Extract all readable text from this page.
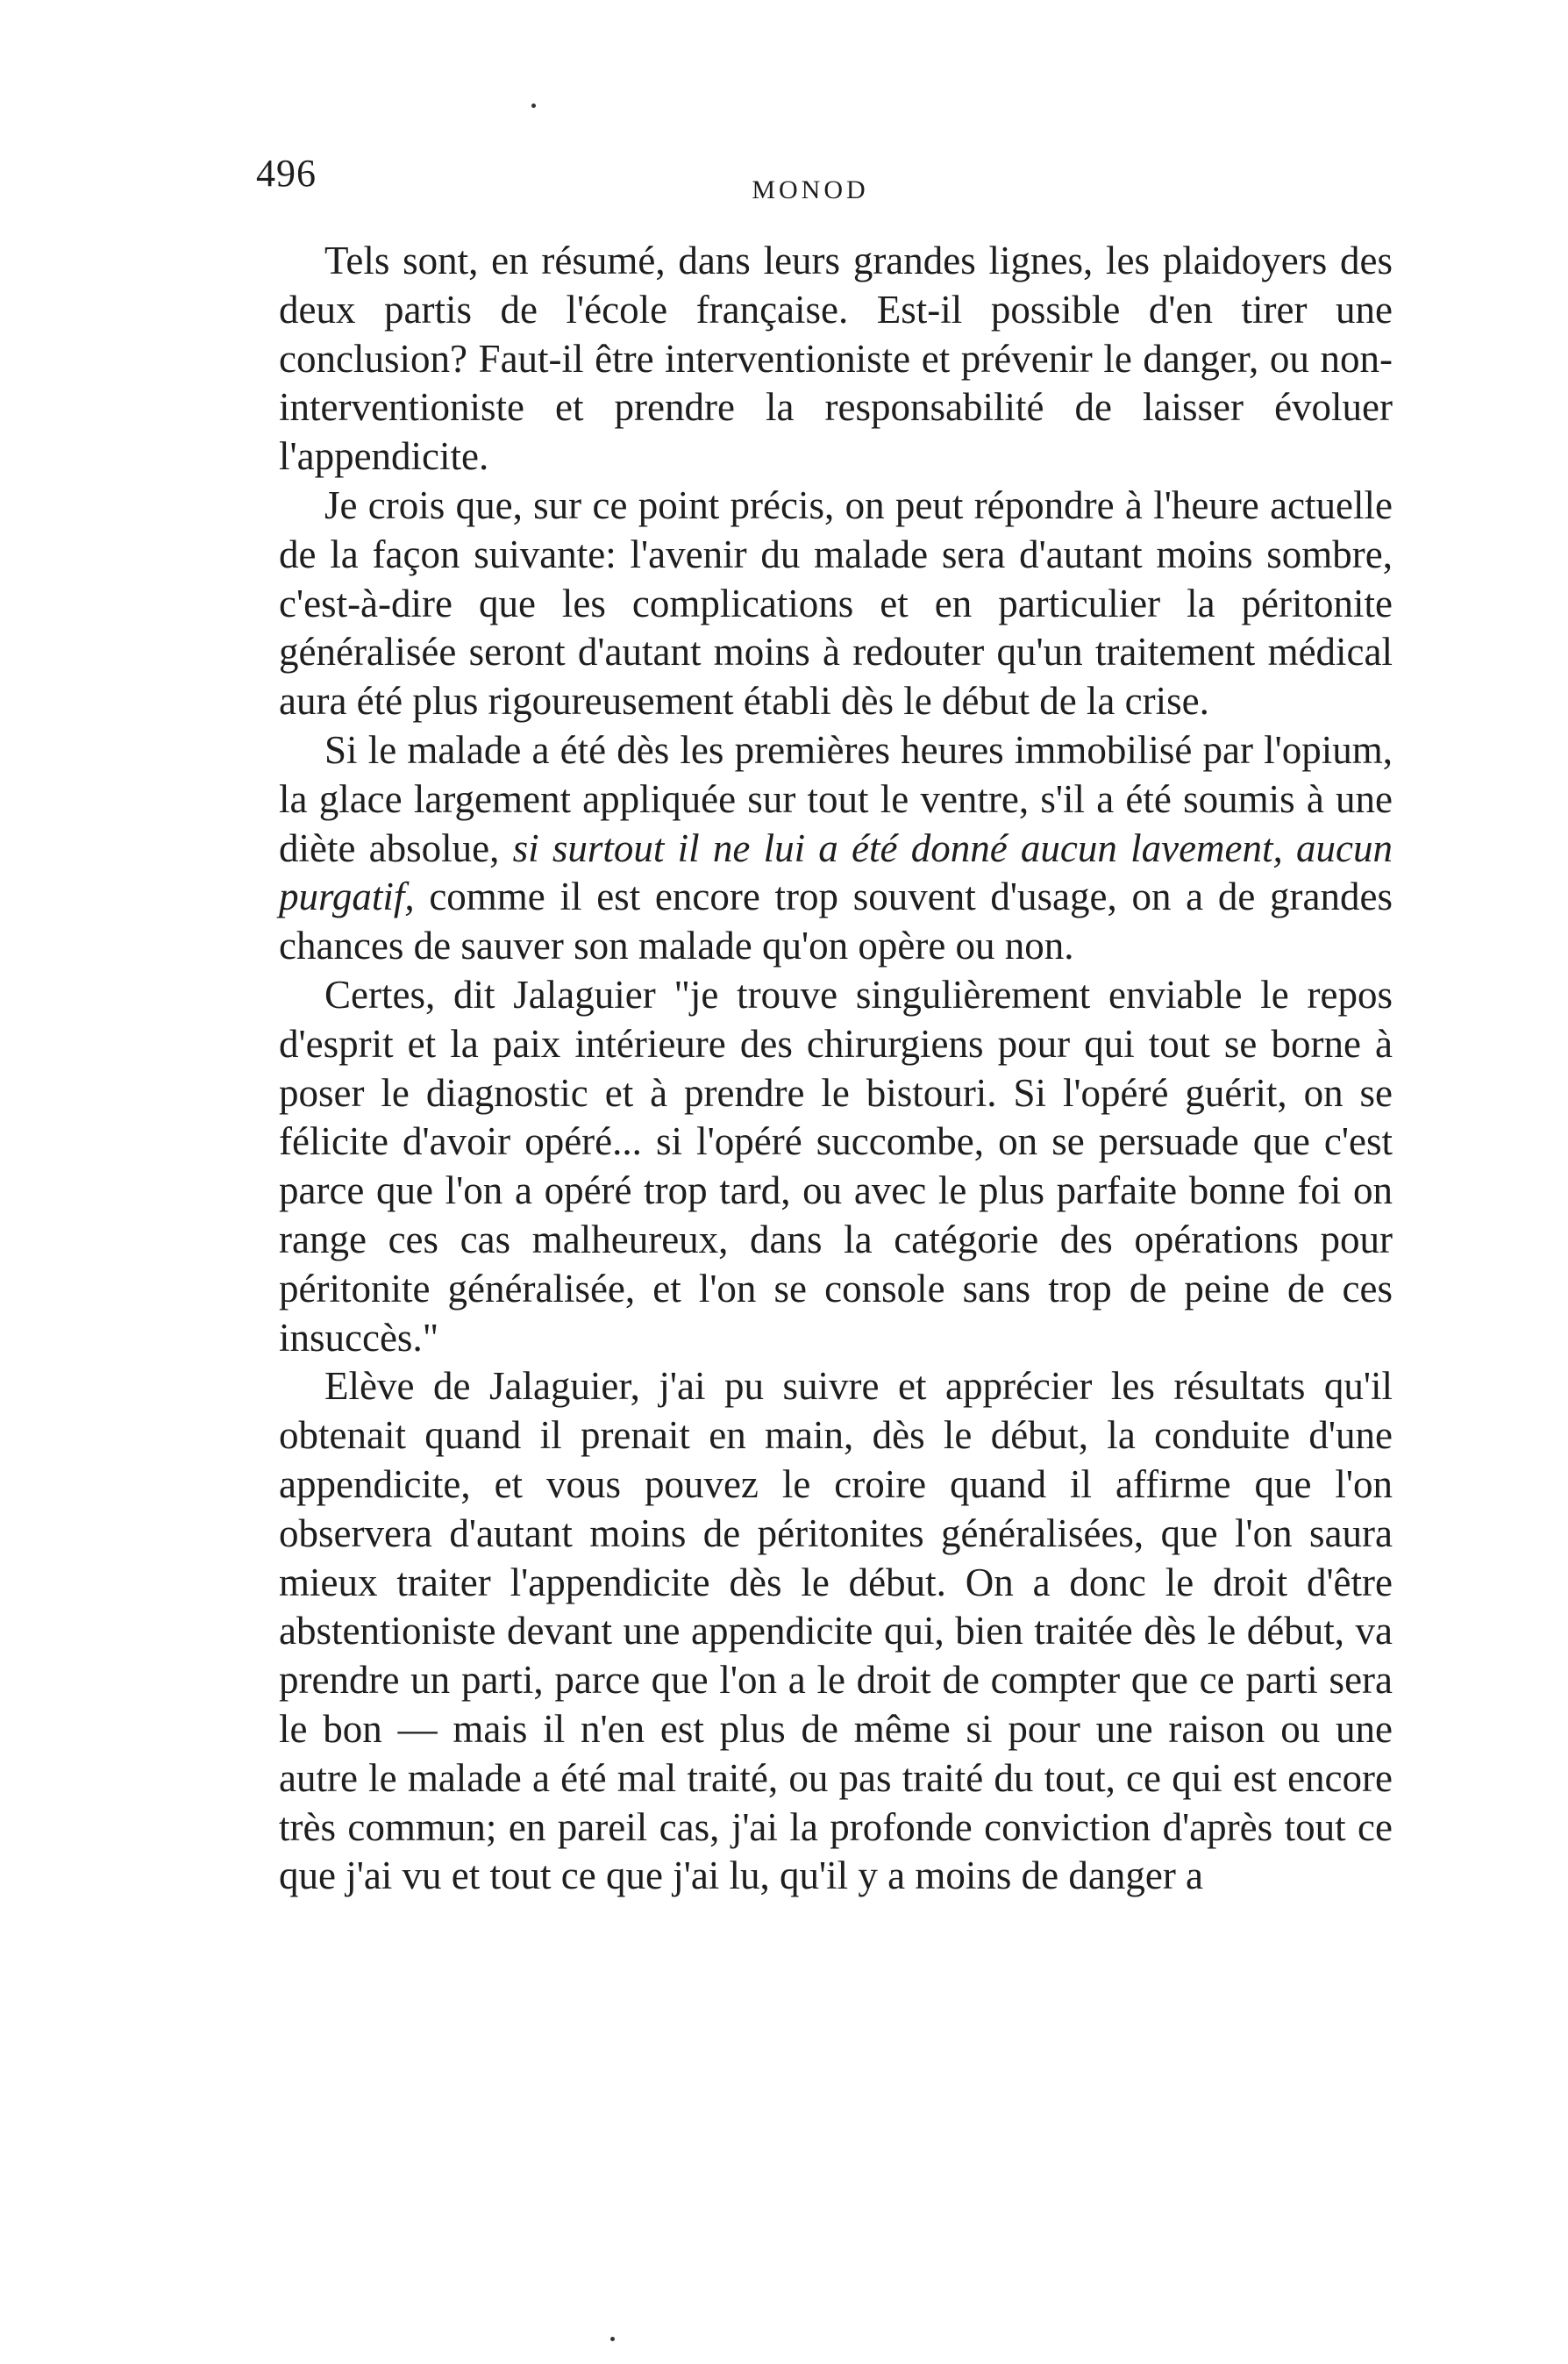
496	MONOD

Tels sont, en résumé, dans leurs grandes lignes, les plaidoyers des deux partis de l'école française. Est-il possible d'en tirer une conclusion? Faut-il être interventioniste et prévenir le danger, ou non-interventioniste et prendre la responsabilité de laisser évoluer l'appendicite.

Je crois que, sur ce point précis, on peut répondre à l'heure actuelle de la façon suivante: l'avenir du malade sera d'autant moins sombre, c'est-à-dire que les complications et en particulier la péritonite généralisée seront d'autant moins à redouter qu'un traitement médical aura été plus rigoureusement établi dès le début de la crise.

Si le malade a été dès les premières heures immobilisé par l'opium, la glace largement appliquée sur tout le ventre, s'il a été soumis à une diète absolue, si surtout il ne lui a été donné aucun lavement, aucun purgatif, comme il est encore trop souvent d'usage, on a de grandes chances de sauver son malade qu'on opère ou non.

Certes, dit Jalaguier "je trouve singulièrement enviable le repos d'esprit et la paix intérieure des chirurgiens pour qui tout se borne à poser le diagnostic et à prendre le bistouri. Si l'opéré guérit, on se félicite d'avoir opéré... si l'opéré succombe, on se persuade que c'est parce que l'on a opéré trop tard, ou avec le plus parfaite bonne foi on range ces cas malheureux, dans la catégorie des opérations pour péritonite généralisée, et l'on se console sans trop de peine de ces insuccès."

Elève de Jalaguier, j'ai pu suivre et apprécier les résultats qu'il obtenait quand il prenait en main, dès le début, la conduite d'une appendicite, et vous pouvez le croire quand il affirme que l'on observera d'autant moins de péritonites généralisées, que l'on saura mieux traiter l'appendicite dès le début. On a donc le droit d'être abstentioniste devant une appendicite qui, bien traitée dès le début, va prendre un parti, parce que l'on a le droit de compter que ce parti sera le bon — mais il n'en est plus de même si pour une raison ou une autre le malade a été mal traité, ou pas traité du tout, ce qui est encore très commun; en pareil cas, j'ai la profonde conviction d'après tout ce que j'ai vu et tout ce que j'ai lu, qu'il y a moins de danger a
